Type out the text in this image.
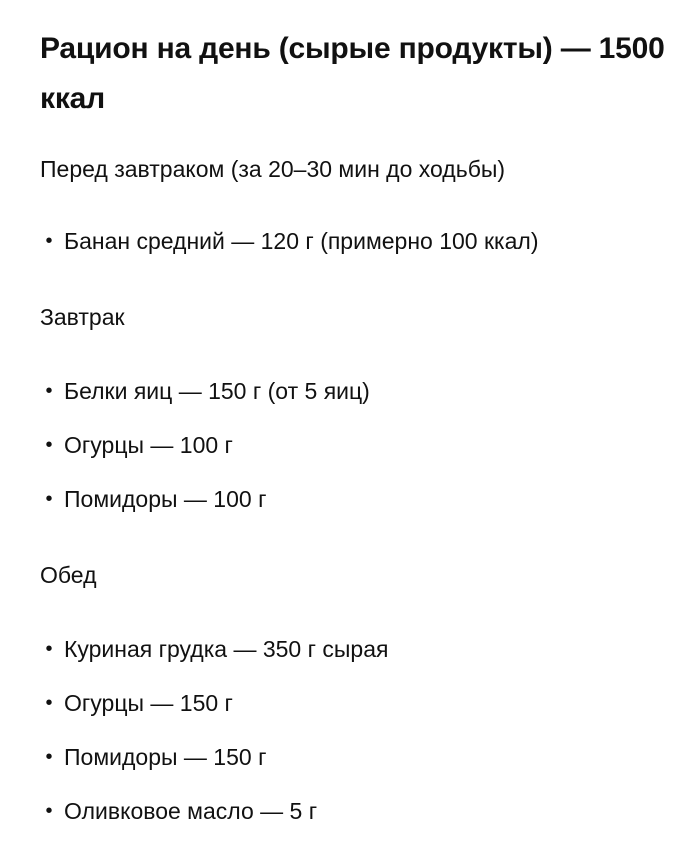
Рацион на день (сырые продукты) — 1500 ккал
Перед завтраком (за 20–30 мин до ходьбы)
• Банан средний — 120 г (примерно 100 ккал)
Завтрак
• Белки яиц — 150 г (от 5 яиц)
• Огурцы — 100 г
• Помидоры — 100 г
Обед
• Куриная грудка — 350 г сырая
• Огурцы — 150 г
• Помидоры — 150 г
• Оливковое масло — 5 г
